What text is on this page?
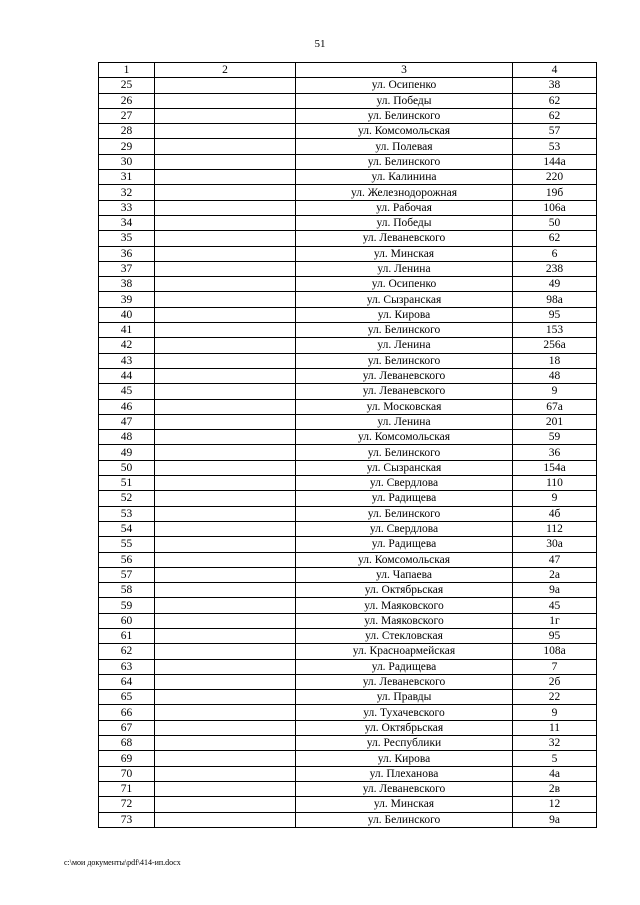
51
1	2	3	4
25		ул. Осипенко	38
26		ул. Победы	62
27		ул. Белинского	62
28		ул. Комсомольская	57
29		ул. Полевая	53
30		ул. Белинского	144а
31		ул. Калинина	220
32		ул. Железнодорожная	19б
33		ул. Рабочая	106а
34		ул. Победы	50
35		ул. Леваневского	62
36		ул. Минская	6
37		ул. Ленина	238
38		ул. Осипенко	49
39		ул. Сызранская	98а
40		ул. Кирова	95
41		ул. Белинского	153
42		ул. Ленина	256а
43		ул. Белинского	18
44		ул. Леваневского	48
45		ул. Леваневского	9
46		ул. Московская	67а
47		ул. Ленина	201
48		ул. Комсомольская	59
49		ул. Белинского	36
50		ул. Сызранская	154а
51		ул. Свердлова	110
52		ул. Радищева	9
53		ул. Белинского	4б
54		ул. Свердлова	112
55		ул. Радищева	30а
56		ул. Комсомольская	47
57		ул. Чапаева	2а
58		ул. Октябрьская	9а
59		ул. Маяковского	45
60		ул. Маяковского	1г
61		ул. Стекловская	95
62		ул. Красноармейская	108а
63		ул. Радищева	7
64		ул. Леваневского	2б
65		ул. Правды	22
66		ул. Тухачевского	9
67		ул. Октябрьская	11
68		ул. Республики	32
69		ул. Кирова	5
70		ул. Плеханова	4а
71		ул. Леваневского	2в
72		ул. Минская	12
73		ул. Белинского	9а
c:\мои документы\pdf\414-ип.docx
